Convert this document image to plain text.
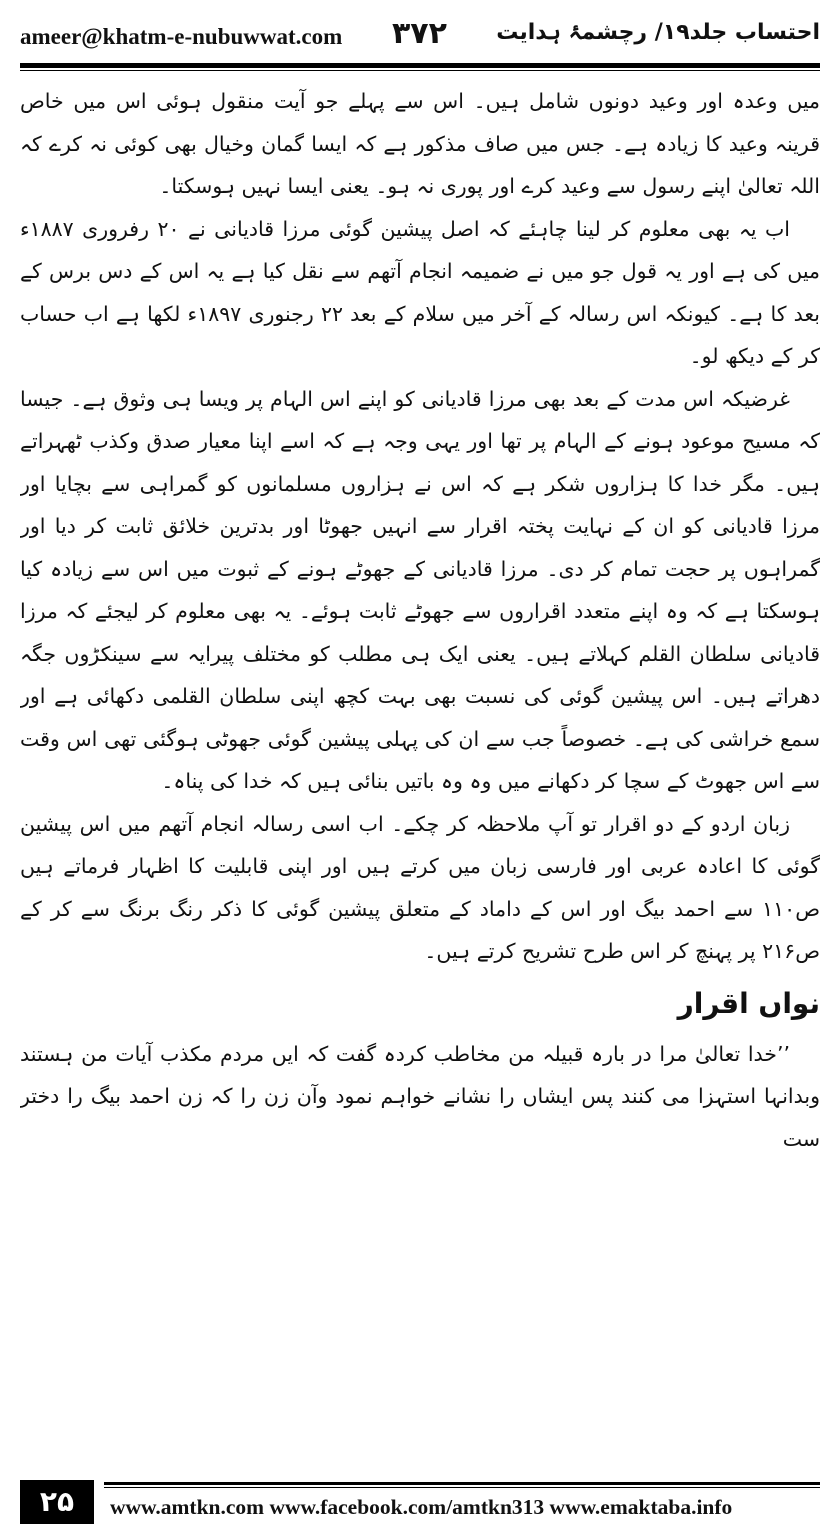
ameer@khatm-e-nubuwwat.com ۳۷۲ احتساب جلد۱۹/ رچشمۂ ہدایت

میں وعدہ اور وعید دونوں شامل ہیں۔ اس سے پہلے جو آیت منقول ہوئی اس میں خاص قرینہ وعید کا زیادہ ہے۔ جس میں صاف مذکور ہے کہ ایسا گمان وخیال بھی کوئی نہ کرے کہ اللہ تعالیٰ اپنے رسول سے وعید کرے اور پوری نہ ہو۔ یعنی ایسا نہیں ہوسکتا۔

اب یہ بھی معلوم کر لینا چاہئے کہ اصل پیشین گوئی مرزا قادیانی نے ۲۰ رفروری ۱۸۸۷ء میں کی ہے اور یہ قول جو میں نے ضمیمہ انجام آتھم سے نقل کیا ہے یہ اس کے دس برس کے بعد کا ہے۔ کیونکہ اس رسالہ کے آخر میں سلام کے بعد ۲۲ رجنوری ۱۸۹۷ء لکھا ہے اب حساب کر کے دیکھ لو۔

غرضیکہ اس مدت کے بعد بھی مرزا قادیانی کو اپنے اس الہام پر ویسا ہی وثوق ہے۔ جیسا کہ مسیح موعود ہونے کے الہام پر تھا اور یہی وجہ ہے کہ اسے اپنا معیار صدق وکذب ٹھہراتے ہیں۔ مگر خدا کا ہزاروں شکر ہے کہ اس نے ہزاروں مسلمانوں کو گمراہی سے بچایا اور مرزا قادیانی کو ان کے نہایت پختہ اقرار سے انہیں جھوٹا اور بدترین خلائق ثابت کر دیا اور گمراہوں پر حجت تمام کر دی۔ مرزا قادیانی کے جھوٹے ہونے کے ثبوت میں اس سے زیادہ کیا ہوسکتا ہے کہ وہ اپنے متعدد اقراروں سے جھوٹے ثابت ہوئے۔ یہ بھی معلوم کر لیجئے کہ مرزا قادیانی سلطان القلم کہلاتے ہیں۔ یعنی ایک ہی مطلب کو مختلف پیرایہ سے سینکڑوں جگہ دھراتے ہیں۔ اس پیشین گوئی کی نسبت بھی بہت کچھ اپنی سلطان القلمی دکھائی ہے اور سمع خراشی کی ہے۔ خصوصاً جب سے ان کی پہلی پیشین گوئی جھوٹی ہوگئی تھی اس وقت سے اس جھوٹ کے سچا کر دکھانے میں وہ وہ باتیں بنائی ہیں کہ خدا کی پناہ۔

زبان اردو کے دو اقرار تو آپ ملاحظہ کر چکے۔ اب اسی رسالہ انجام آتھم میں اس پیشین گوئی کا اعادہ عربی اور فارسی زبان میں کرتے ہیں اور اپنی قابلیت کا اظہار فرماتے ہیں ص۱۱۰ سے احمد بیگ اور اس کے داماد کے متعلق پیشین گوئی کا ذکر رنگ برنگ سے کر کے ص۲۱۶ پر پہنچ کر اس طرح تشریح کرتے ہیں۔

نواں اقرار

’’خدا تعالیٰ مرا در بارہ قبیلہ من مخاطب کردہ گفت کہ ایں مردم مکذب آیات من ہستند وبدانہا استہزا می کنند پس ایشاں را نشانے خواہم نمود وآن زن را کہ زن احمد بیگ را دختر ست

۲۵	www.amtkn.com www.facebook.com/amtkn313 www.emaktaba.info
